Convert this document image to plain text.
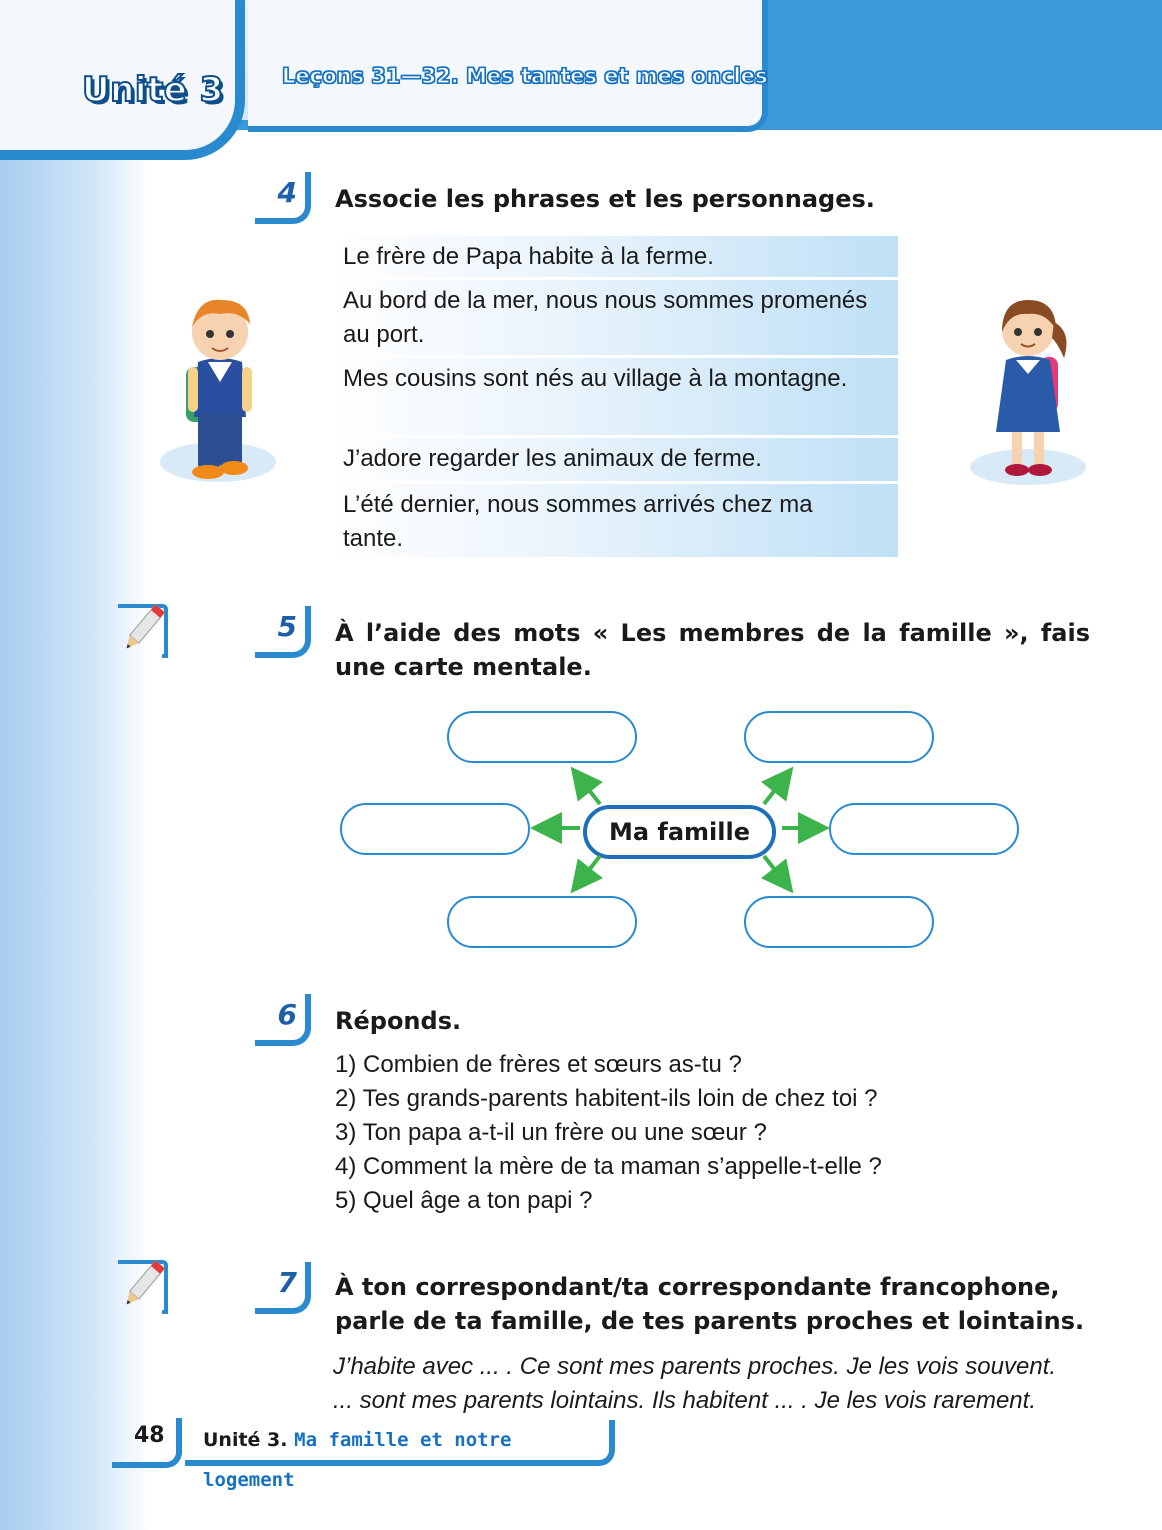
Unité 3	Leçons 31—32. Mes tantes et mes oncles
4 Associe les phrases et les personnages.
Le frère de Papa habite à la ferme.
Au bord de la mer, nous nous sommes promenés au port.
Mes cousins sont nés au village à la montagne.
J’adore regarder les animaux de ferme.
L’été dernier, nous sommes arrivés chez ma tante.
5 À l’aide des mots « Les membres de la famille », fais une carte mentale.
Ma famille
6 Réponds.
1) Combien de frères et sœurs as-tu ?
2) Tes grands-parents habitent-ils loin de chez toi ?
3) Ton papa a-t-il un frère ou une sœur ?
4) Comment la mère de ta maman s’appelle-t-elle ?
5) Quel âge a ton papi ?
7 À ton correspondant/ta correspondante francophone,
parle de ta famille, de tes parents proches et lointains.
J’habite avec ... . Ce sont mes parents proches. Je les vois souvent.
... sont mes parents lointains. Ils habitent ... . Je les vois rarement.
48	Unité 3. Ma famille et notre logement
